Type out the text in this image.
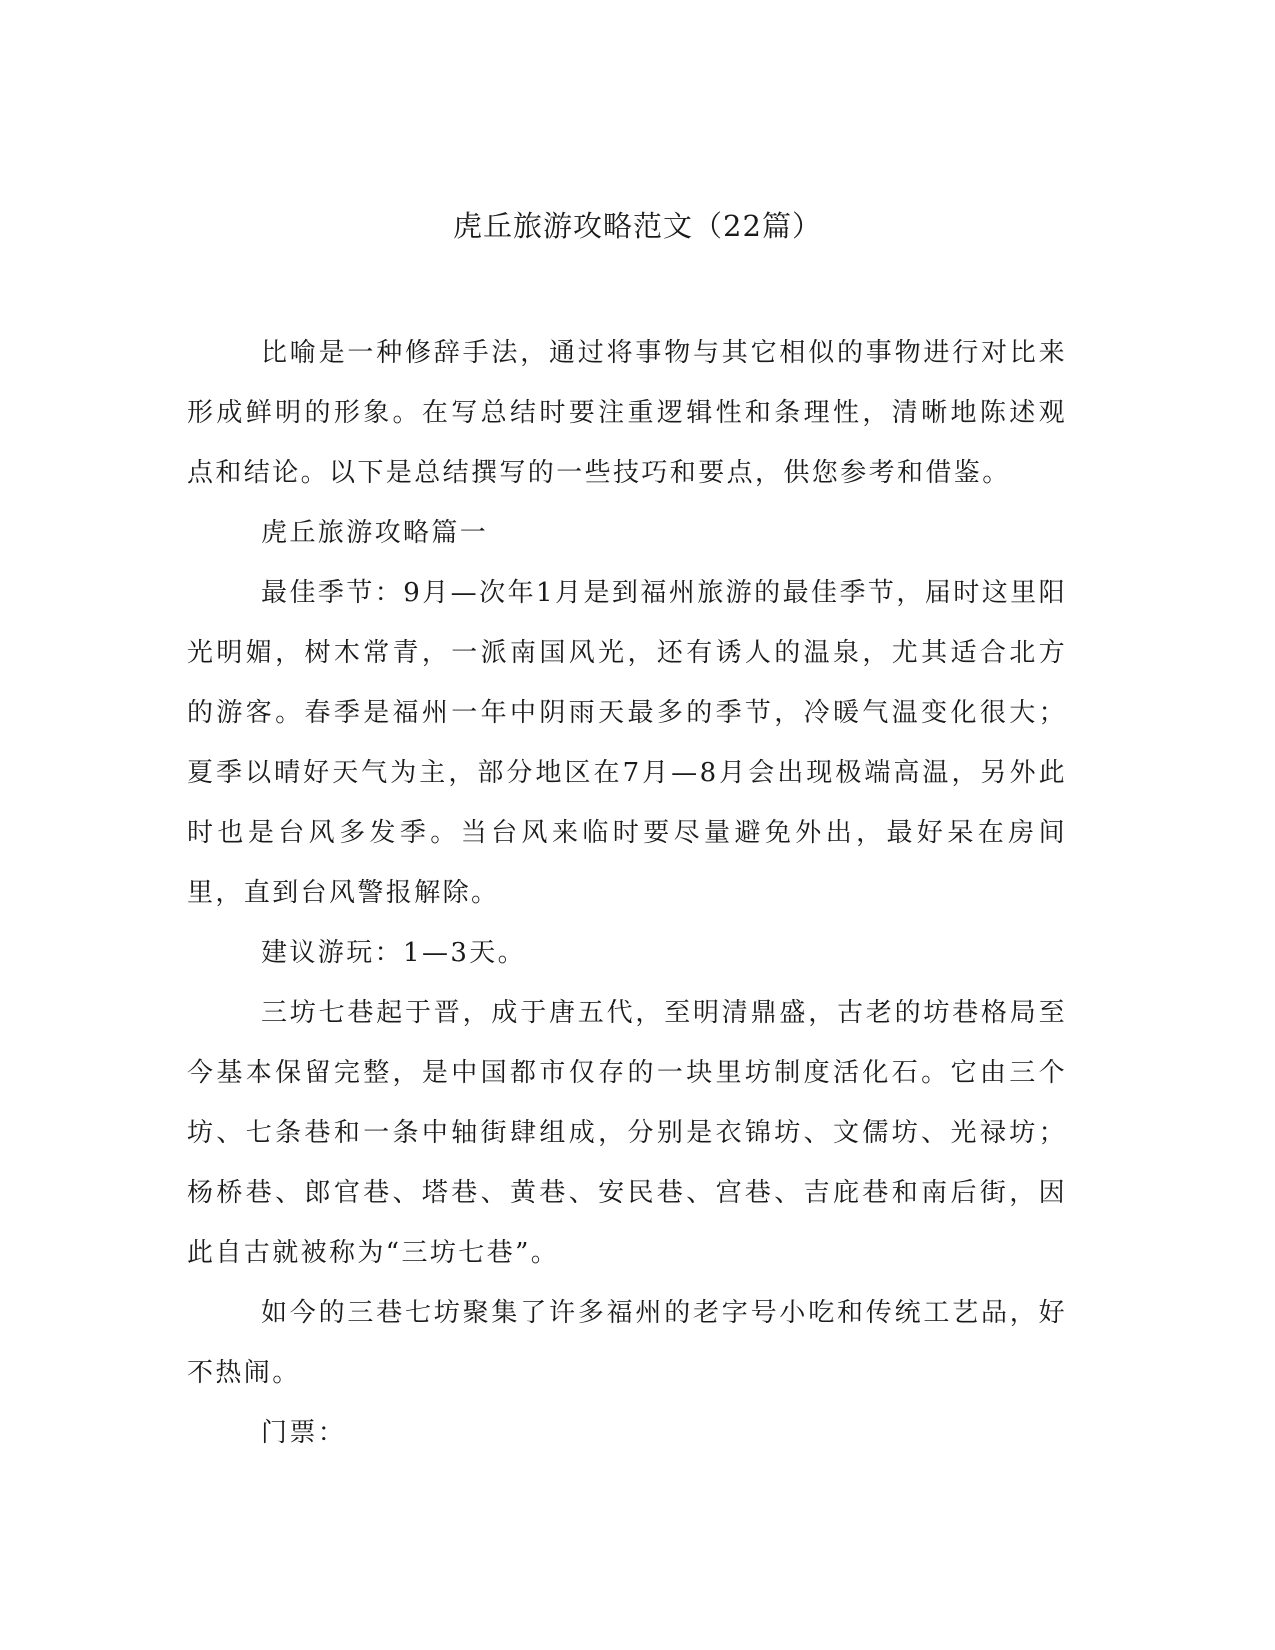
虎丘旅游攻略范文（22篇）

比喻是一种修辞手法，通过将事物与其它相似的事物进行对比来形成鲜明的形象。在写总结时要注重逻辑性和条理性，清晰地陈述观点和结论。以下是总结撰写的一些技巧和要点，供您参考和借鉴。

虎丘旅游攻略篇一

最佳季节：9月—次年1月是到福州旅游的最佳季节，届时这里阳光明媚，树木常青，一派南国风光，还有诱人的温泉，尤其适合北方的游客。春季是福州一年中阴雨天最多的季节，冷暖气温变化很大；夏季以晴好天气为主，部分地区在7月—8月会出现极端高温，另外此时也是台风多发季。当台风来临时要尽量避免外出，最好呆在房间里，直到台风警报解除。

建议游玩：1—3天。

三坊七巷起于晋，成于唐五代，至明清鼎盛，古老的坊巷格局至今基本保留完整，是中国都市仅存的一块里坊制度活化石。它由三个坊、七条巷和一条中轴街肆组成，分别是衣锦坊、文儒坊、光禄坊；杨桥巷、郎官巷、塔巷、黄巷、安民巷、宫巷、吉庇巷和南后街，因此自古就被称为“三坊七巷”。

如今的三巷七坊聚集了许多福州的老字号小吃和传统工艺品，好不热闹。

门票：
